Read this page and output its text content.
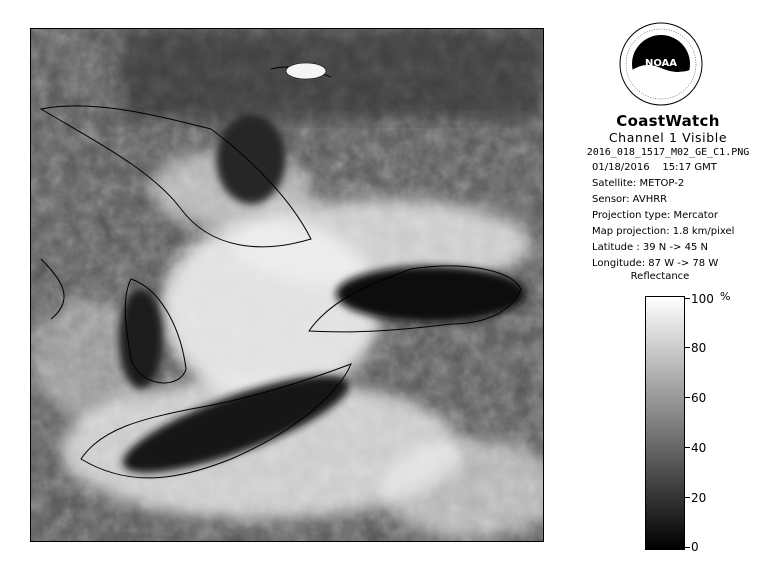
NOAA
CoastWatch
Channel 1 Visible
2016_018_1517_M02_GE_C1.PNG
01/18/2016 15:17 GMT
Satellite: METOP-2
Sensor: AVHRR
Projection type: Mercator
Map projection: 1.8 km/pixel
Latitude : 39 N -> 45 N
Longitude: 87 W -> 78 W
Reflectance
%
100
80
60
40
20
0
